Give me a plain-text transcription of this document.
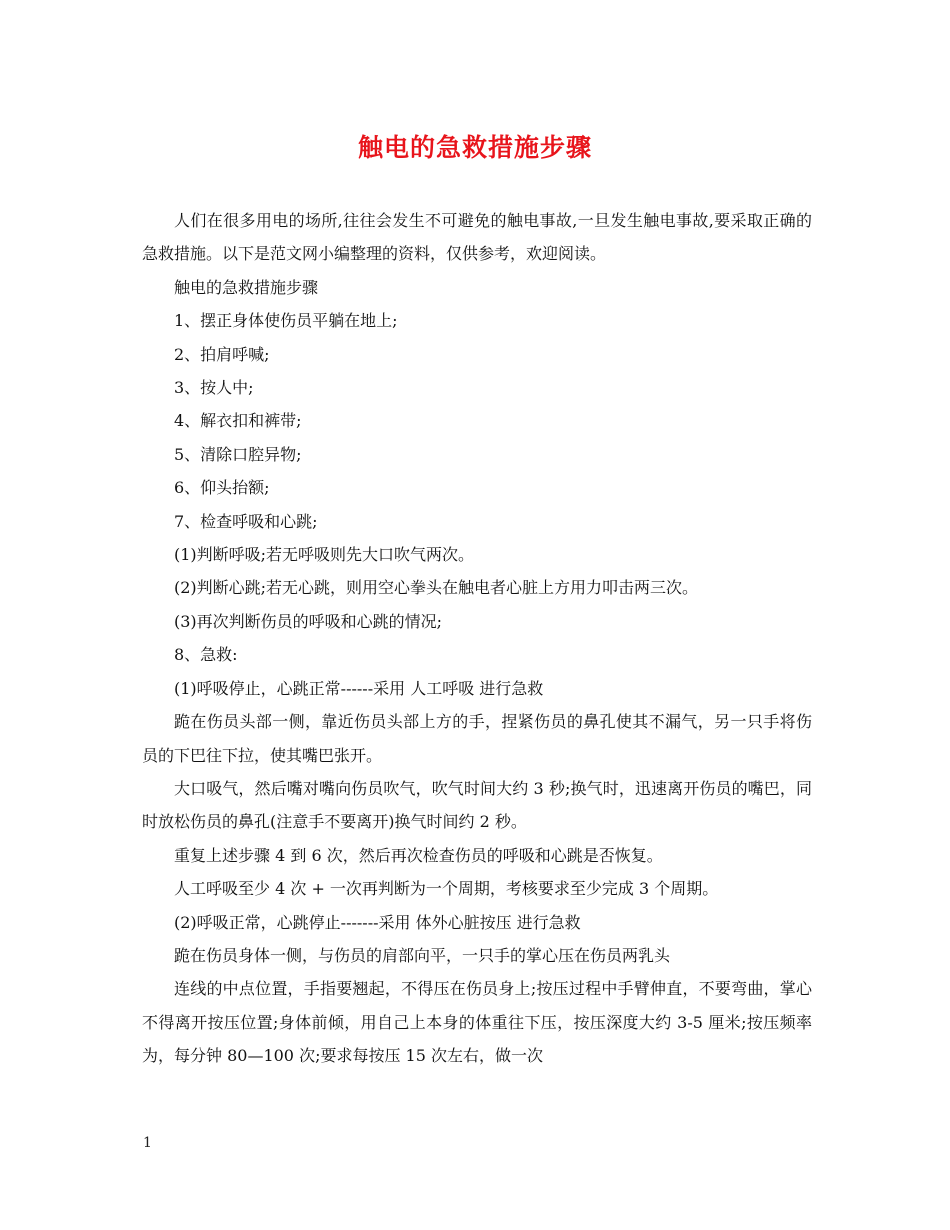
触电的急救措施步骤

人们在很多用电的场所,往往会发生不可避免的触电事故,一旦发生触电事故,要采取正确的急救措施。以下是范文网小编整理的资料，仅供参考，欢迎阅读。

触电的急救措施步骤

1、摆正身体使伤员平躺在地上;

2、拍肩呼喊;

3、按人中;

4、解衣扣和裤带;

5、清除口腔异物;

6、仰头抬额;

7、检查呼吸和心跳;

(1)判断呼吸;若无呼吸则先大口吹气两次。

(2)判断心跳;若无心跳，则用空心拳头在触电者心脏上方用力叩击两三次。

(3)再次判断伤员的呼吸和心跳的情况;

8、急救:

(1)呼吸停止，心跳正常------采用 人工呼吸 进行急救

跪在伤员头部一侧，靠近伤员头部上方的手，捏紧伤员的鼻孔使其不漏气，另一只手将伤员的下巴往下拉，使其嘴巴张开。

大口吸气，然后嘴对嘴向伤员吹气，吹气时间大约 3 秒;换气时，迅速离开伤员的嘴巴，同时放松伤员的鼻孔(注意手不要离开)换气时间约 2 秒。

重复上述步骤 4 到 6 次，然后再次检查伤员的呼吸和心跳是否恢复。

人工呼吸至少 4 次 + 一次再判断为一个周期，考核要求至少完成 3 个周期。

(2)呼吸正常，心跳停止-------采用 体外心脏按压 进行急救

跪在伤员身体一侧，与伤员的肩部向平，一只手的掌心压在伤员两乳头

连线的中点位置，手指要翘起，不得压在伤员身上;按压过程中手臂伸直，不要弯曲，掌心不得离开按压位置;身体前倾，用自己上本身的体重往下压，按压深度大约 3-5 厘米;按压频率为，每分钟 80—100 次;要求每按压 15 次左右，做一次

1
